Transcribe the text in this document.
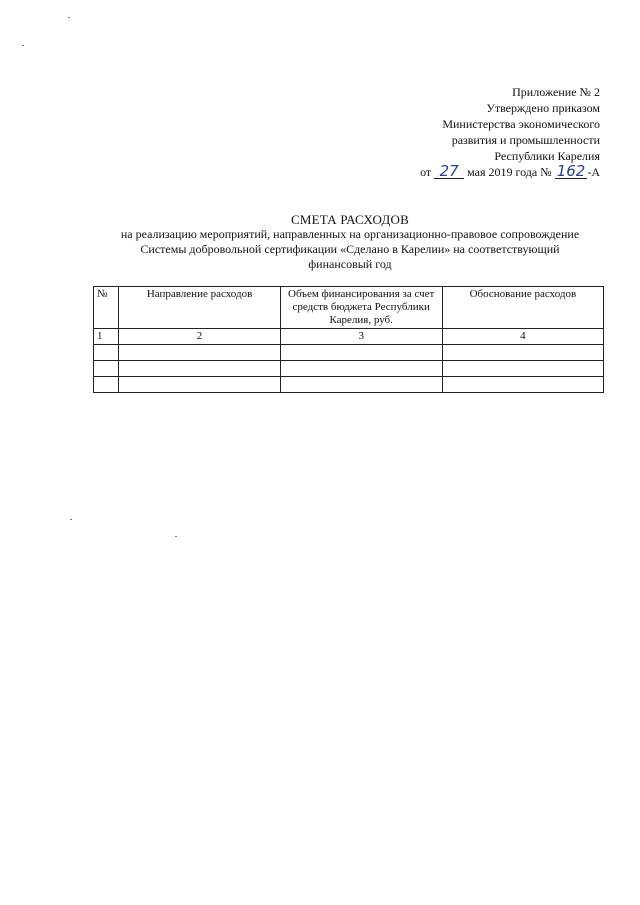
Приложение № 2
Утверждено приказом
Министерства экономического
развития и промышленности
Республики Карелия
от 27 мая 2019 года № 162 -А
СМЕТА РАСХОДОВ
на реализацию мероприятий, направленных на организационно-правовое сопровождение
Системы добровольной сертификации «Сделано в Карелии» на соответствующий
финансовый год
№	Направление расходов	Объем финансирования за счет средств бюджета Республики Карелия, руб.	Обоснование расходов
1	2	3	4
